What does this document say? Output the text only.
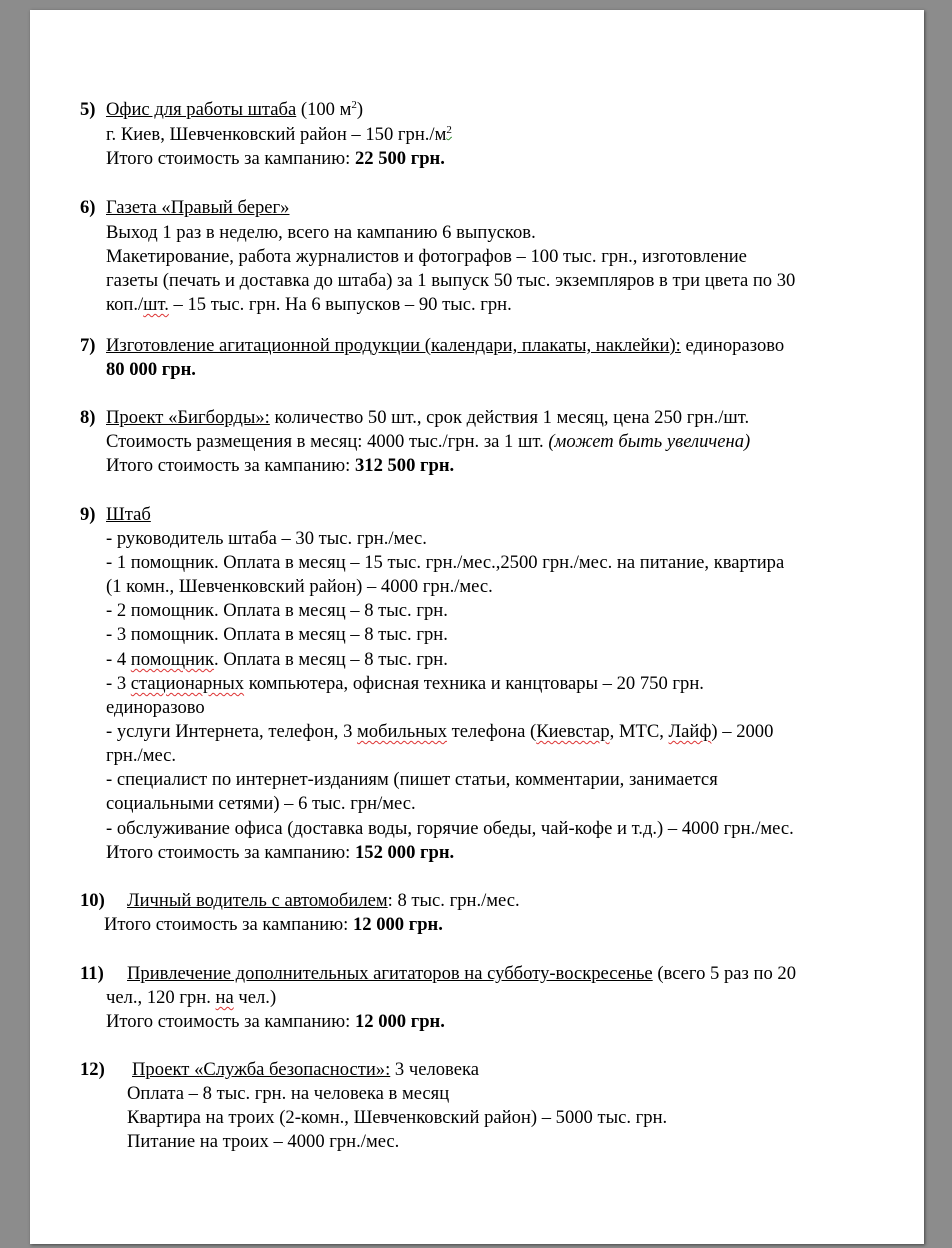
5) Офис для работы штаба (100 $м^2$)
г. Киев, Шевченковский район – 150 $грн./м^2$
Итого стоимость за кампанию: 22 500 грн.
6) Газета «Правый берег»
Выход 1 раз в неделю, всего на кампанию 6 выпусков.
Макетирование, работа журналистов и фотографов – 100 тыс. грн., изготовление
газеты (печать и доставка до штаба) за 1 выпуск 50 тыс. экземпляров в три цвета по 30
коп./шт. – 15 тыс. грн. На 6 выпусков – 90 тыс. грн.
7) Изготовление агитационной продукции (календари, плакаты, наклейки): единоразово
80 000 грн.
8) Проект «Бигборды»: количество 50 шт., срок действия 1 месяц, цена 250 грн./шт.
Стоимость размещения в месяц: 4000 тыс./грн. за 1 шт. (может быть увеличена)
Итого стоимость за кампанию: 312 500 грн.
9) Штаб
- руководитель штаба – 30 тыс. грн./мес.
- 1 помощник. Оплата в месяц – 15 тыс. грн./мес.,2500 грн./мес. на питание, квартира
(1 комн., Шевченковский район) – 4000 грн./мес.
- 2 помощник. Оплата в месяц – 8 тыс. грн.
- 3 помощник. Оплата в месяц – 8 тыс. грн.
- 4 помощник. Оплата в месяц – 8 тыс. грн.
- 3 стационарных компьютера, офисная техника и канцтовары – 20 750 грн.
единоразово
- услуги Интернета, телефон, 3 мобильных телефона (Киевстар, МТС, Лайф) – 2000
грн./мес.
- специалист по интернет-изданиям (пишет статьи, комментарии, занимается
социальными сетями) – 6 тыс. грн/мес.
- обслуживание офиса (доставка воды, горячие обеды, чай-кофе и т.д.) – 4000 грн./мес.
Итого стоимость за кампанию: 152 000 грн.
10) Личный водитель с автомобилем: 8 тыс. грн./мес.
Итого стоимость за кампанию: 12 000 грн.
11) Привлечение дополнительных агитаторов на субботу-воскресенье (всего 5 раз по 20
чел., 120 грн. на чел.)
Итого стоимость за кампанию: 12 000 грн.
12) Проект «Служба безопасности»: 3 человека
Оплата – 8 тыс. грн. на человека в месяц
Квартира на троих (2-комн., Шевченковский район) – 5000 тыс. грн.
Питание на троих – 4000 грн./мес.
